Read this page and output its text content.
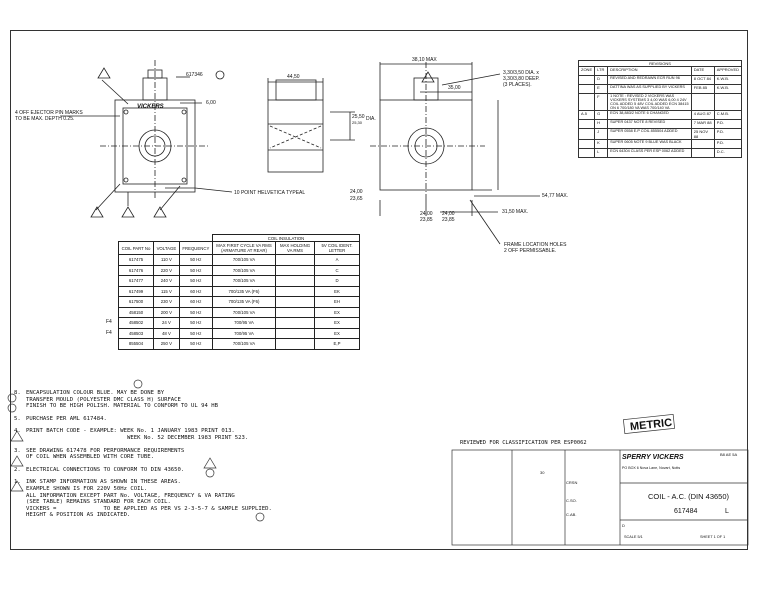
617346
4 OFF EJECTOR PIN MARKS
TO BE MAX. DEPTH 0.25.
6,00
44,50
25,50
25,30
DIA.
38,10 MAX
35,00
3,30/3,50 DIA. x
3,30/3,80 DEEP.
(3 PLACES).
10 POINT HELVETICA TYPEAL	24,00
23,65
24,00
23,85
24,00
23,85
31,50 MAX.
54,77 MAX.
FRAME LOCATION HOLES
2 OFF PERMISSABLE.
VICKERS
			COIL INSULATION		
COIL PART No	VOLTAGE	FREQUENCY	MAX FIRST CYCLE VA RMS (ARMATURE AT REAR)	MAX HOLDING VA RMS	5V COIL IDENT. LETTER
617475	110 V	50 Hz	700/105 VA		A
617476	220 V	50 Hz	700/105 VA		C
617477	240 V	50 Hz	700/105 VA		D
617499	115 V	60 Hz	700/135 VA (F6)		EK
617500	230 V	60 Hz	700/135 VA (F6)		EH
458150	200 V	50 Hz	700/105 VA		EX
458502	24 V	50 Hz	700/95 VA		EX
458503	48 V	50 Hz	700/95 VA		EX
855504	250 V	50 Hz	700/105 VA		E,P
F4
F4
REVISIONS				
ZONE	LTR	DESCRIPTION	DATE	APPROVED
	D	REVISED AND REDRAWN ECR RUN 96	8 OCT 84	K.W.B.
	E	DATTINA WAS AS SUPPLIED BY VICKERS	FEB 85	K.W.B.
	F	1 NOTE : REVISED 2 VICKERS WAS VICKERS SYSTEMS 3 4,00 WAS 6,00 4 24V COIL ADDED 5 48V COIL ADDED ECN 38415 ON 6 700/180 VA WAS 700/140 VA		
A.5	G	ECN 38,883/2 NOTE 6 CHANGED	4 AUG 87	C.M.B.
	H	SUPER 0437 NOTE 8 REVISED	7 MAR 88	P.D.
	J	SUPER 0558 E.P COIL 855504 ADDED	25 NOV 88	P.D.
	K	SUPER 0605 NOTE 9 BLUE WAS BLACK		P.D.
	L	ECN 64304 CLASS PER ESP 0062 ADDED		D.C.
8. ENCAPSULATION COLOUR BLUE. MAY BE DONE BY
TRANSFER MOULD (POLYESTER DMC CLASS H) SURFACE
FINISH TO BE HIGH POLISH. MATERIAL TO CONFORM TO UL 94 HB
5. PURCHASE PER AML 617484.
4. PRINT BATCH CODE - EXAMPLE: WEEK No. 1 JANUARY 1983 PRINT 013.
WEEK No. 52 DECEMBER 1983 PRINT 523.
3. SEE DRAWING 617478 FOR PERFORMANCE REQUIREMENTS
OF COIL WHEN ASSEMBLED WITH CORE TUBE.
2. ELECTRICAL CONNECTIONS TO CONFORM TO DIN 43650.
1. INK STAMP INFORMATION AS SHOWN IN THESE AREAS.
EXAMPLE SHOWN IS FOR 220V 50Hz COIL.
ALL INFORMATION EXCEPT PART No. VOLTAGE, FREQUENCY & VA RATING
(SEE TABLE) REMAINS STANDARD FOR EACH COIL.
VICKERS =              TO BE APPLIED AS PER VS 2-3-5-7 & SAMPLE SUPPLIED.
HEIGHT & POSITION AS INDICATED.
METRIC
REVIEWED FOR CLASSIFICATION PER ESP0062
SPERRY VICKERS
PO BOX 6 Nova Lane, Novart, Notts
COIL - A.C. (DIN 43650)
D
617484	L
SCALE 5/1	SHEET 1 OF 1
B8 AE 5A
CRSN
C.SO.
C.AB.
30
